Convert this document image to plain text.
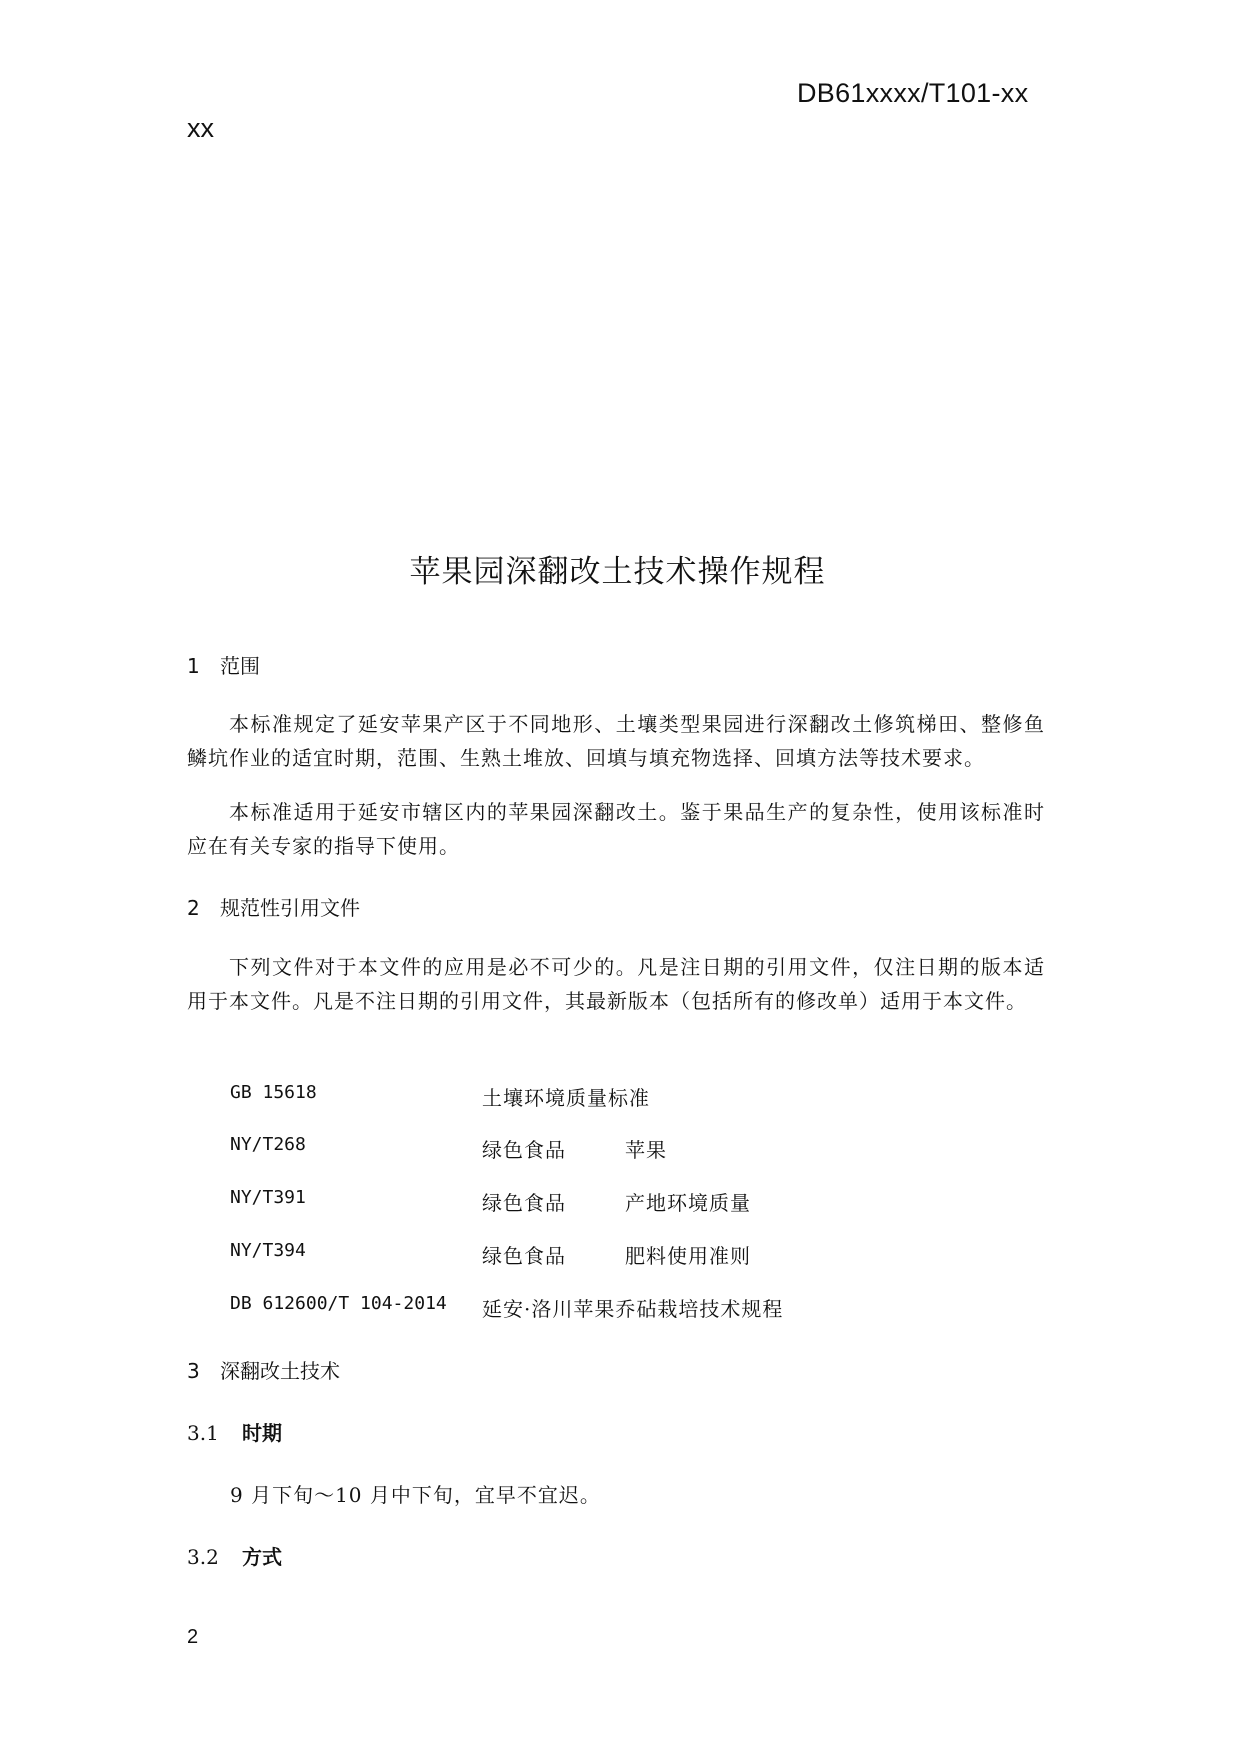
DB61xxxx/T101-xx
xx
苹果园深翻改土技术操作规程
1 范围
本标准规定了延安苹果产区于不同地形、土壤类型果园进行深翻改土修筑梯田、整修鱼鳞坑作业的适宜时期，范围、生熟土堆放、回填与填充物选择、回填方法等技术要求。
本标准适用于延安市辖区内的苹果园深翻改土。鉴于果品生产的复杂性，使用该标准时应在有关专家的指导下使用。
2 规范性引用文件
下列文件对于本文件的应用是必不可少的。凡是注日期的引用文件，仅注日期的版本适用于本文件。凡是不注日期的引用文件，其最新版本（包括所有的修改单）适用于本文件。
GB 15618	土壤环境质量标准
NY/T268	绿色食品	苹果
NY/T391	绿色食品	产地环境质量
NY/T394	绿色食品	肥料使用准则
DB 612600/T 104-2014 延安·洛川苹果乔砧栽培技术规程
3 深翻改土技术
3.1 时期
9 月下旬～10 月中下旬，宜早不宜迟。
3.2 方式
2
